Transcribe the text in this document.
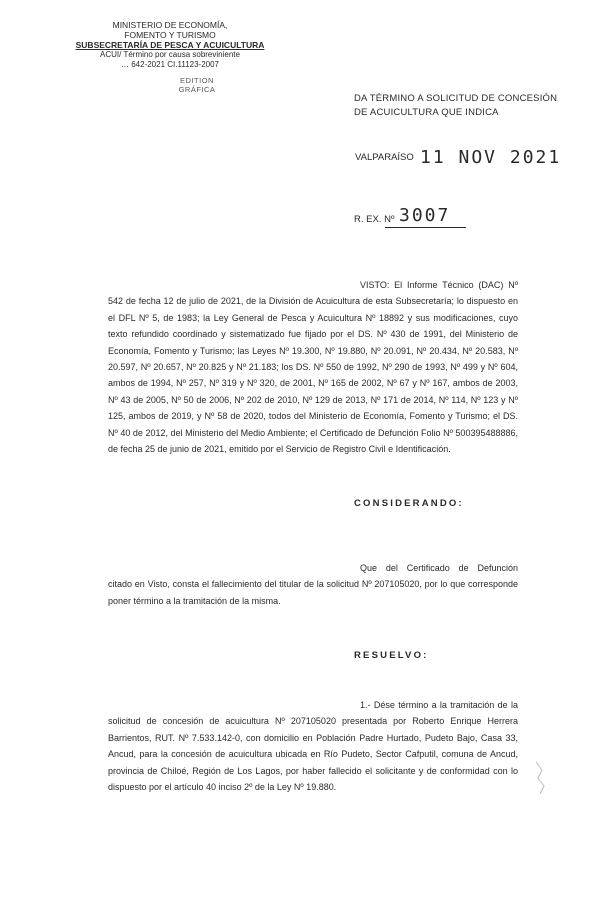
MINISTERIO DE ECONOMÍA,
FOMENTO Y TURISMO
SUBSECRETARÍA DE PESCA Y ACUICULTURA
ACUI/ Término por causa sobreviniente
… 642-2021 CI.11123-2007
EDITION
GRÁFICA
DA TÉRMINO A SOLICITUD DE CONCESIÓN
DE ACUICULTURA QUE INDICA
VALPARAÍSO 11 NOV 2021
R. EX. Nº 3007
VISTO: El Informe Técnico (DAC) Nº 542 de fecha 12 de julio de 2021, de la División de Acuicultura de esta Subsecretaría; lo dispuesto en el DFL Nº 5, de 1983; la Ley General de Pesca y Acuicultura Nº 18892 y sus modificaciones, cuyo texto refundido coordinado y sistematizado fue fijado por el DS. Nº 430 de 1991, del Ministerio de Economía, Fomento y Turismo; las Leyes Nº 19.300, Nº 19.880, Nº 20.091, Nº 20.434, Nº 20.583, Nº 20.597, Nº 20.657, Nº 20.825 y Nº 21.183; los DS. Nº 550 de 1992, Nº 290 de 1993, Nº 499 y Nº 604, ambos de 1994, Nº 257, Nº 319 y Nº 320, de 2001, Nº 165 de 2002, Nº 67 y Nº 167, ambos de 2003, Nº 43 de 2005, Nº 50 de 2006, Nº 202 de 2010, Nº 129 de 2013, Nº 171 de 2014, Nº 114, Nº 123 y Nº 125, ambos de 2019, y Nº 58 de 2020, todos del Ministerio de Economía, Fomento y Turismo; el DS. Nº 40 de 2012, del Ministerio del Medio Ambiente; el Certificado de Defunción Folio Nº 500395488886, de fecha 25 de junio de 2021, emitido por el Servicio de Registro Civil e Identificación.
CONSIDERANDO:
Que del Certificado de Defunción citado en Visto, consta el fallecimiento del titular de la solicitud Nº 207105020, por lo que corresponde poner término a la tramitación de la misma.
RESUELVO:
1.- Dése término a la tramitación de la solicitud de concesión de acuicultura Nº 207105020 presentada por Roberto Enrique Herrera Barrientos, RUT. Nº 7.533.142-0, con domicilio en Población Padre Hurtado, Pudeto Bajo, Casa 33, Ancud, para la concesión de acuicultura ubicada en Río Pudeto, Sector Cafputil, comuna de Ancud, provincia de Chiloé, Región de Los Lagos, por haber fallecido el solicitante y de conformidad con lo dispuesto por el artículo 40 inciso 2º de la Ley Nº 19.880.
